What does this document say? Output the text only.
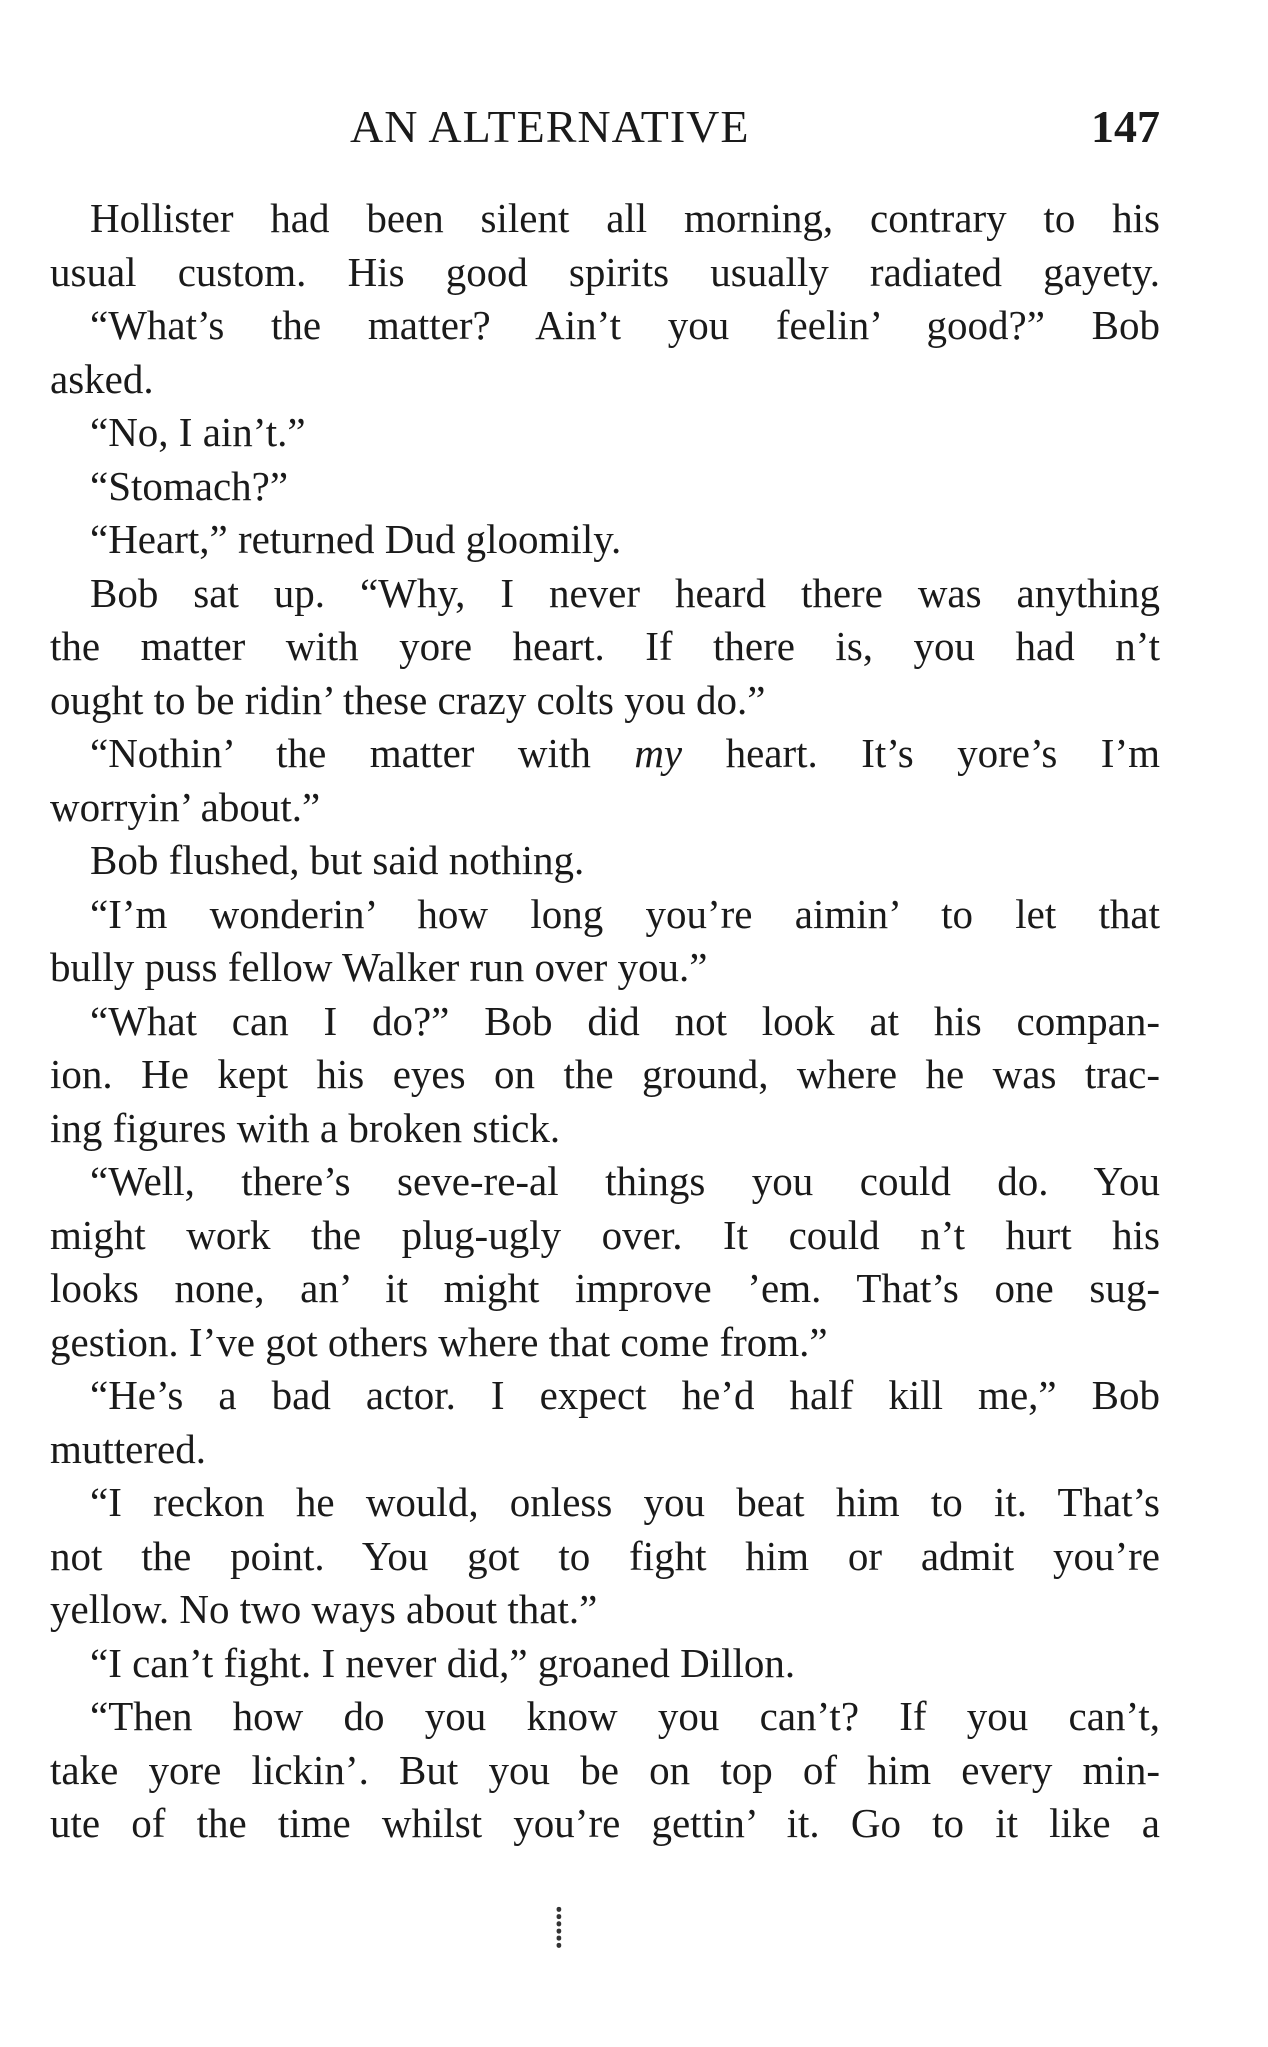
AN ALTERNATIVE	147
Hollister had been silent all morning, contrary to his
usual custom. His good spirits usually radiated gayety.
“What’s the matter? Ain’t you feelin’ good?” Bob
asked.
“No, I ain’t.”
“Stomach?”
“Heart,” returned Dud gloomily.
Bob sat up. “Why, I never heard there was anything
the matter with yore heart. If there is, you had n’t
ought to be ridin’ these crazy colts you do.”
“Nothin’ the matter with my heart. It’s yore’s I’m
worryin’ about.”
Bob flushed, but said nothing.
“I’m wonderin’ how long you’re aimin’ to let that
bully puss fellow Walker run over you.”
“What can I do?” Bob did not look at his compan-
ion. He kept his eyes on the ground, where he was trac-
ing figures with a broken stick.
“Well, there’s seve-re-al things you could do. You
might work the plug-ugly over. It could n’t hurt his
looks none, an’ it might improve ’em. That’s one sug-
gestion. I’ve got others where that come from.”
“He’s a bad actor. I expect he’d half kill me,” Bob
muttered.
“I reckon he would, onless you beat him to it. That’s
not the point. You got to fight him or admit you’re
yellow. No two ways about that.”
“I can’t fight. I never did,” groaned Dillon.
“Then how do you know you can’t? If you can’t,
take yore lickin’. But you be on top of him every min-
ute of the time whilst you’re gettin’ it. Go to it like a
⸽
